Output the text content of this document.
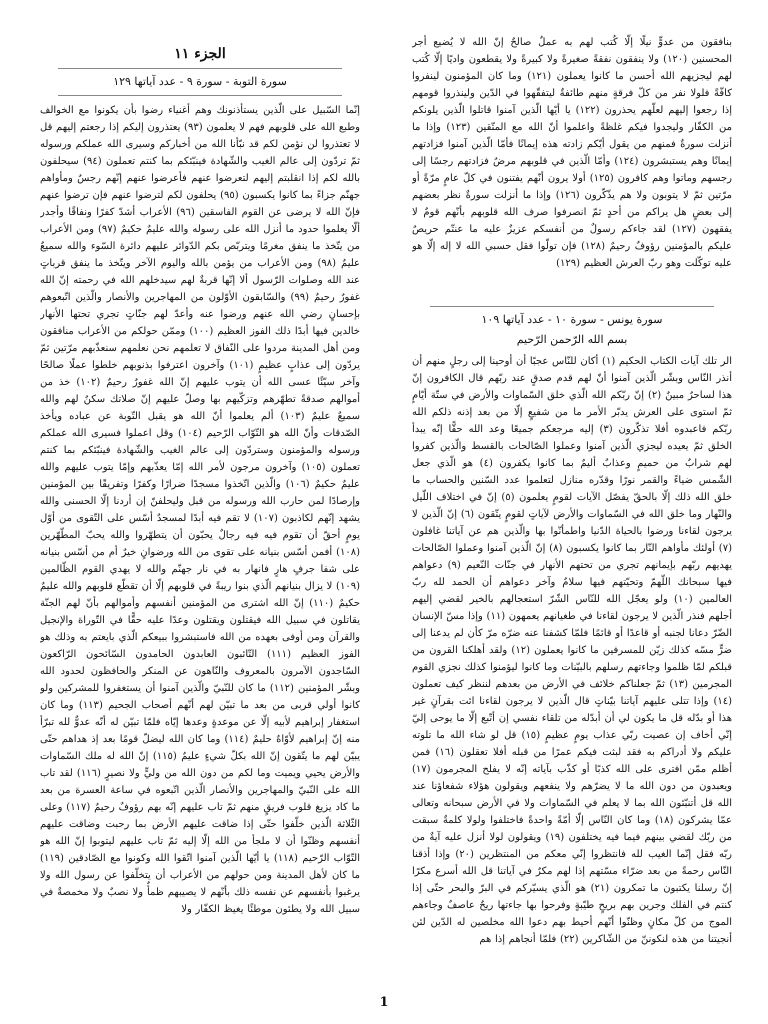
بنافقون من عدوٍّ نيلًا إلّا كُتب لهم به عملٌ صالحٌ إنّ الله لا يُضيع أجر المحسنين (١٢٠) ولا ينفقون نفقةً صغيرةً ولا كبيرةً ولا يقطعون واديًا إلّا كُتب لهم ليجزيهم الله أحسن ما كانوا يعملون (١٢١) وما كان المؤمنون لينفروا كافّةً فلولا نفر من كلّ فرقةٍ منهم طائفةٌ ليتفقّهوا في الدّين ولينذروا قومهم إذا رجعوا إليهم لعلّهم يحذرون (١٢٢) يا أيّها الّذين آمنوا قاتلوا الّذين يلونكم من الكفّار وليجدوا فيكم غلظةً واعلموا أنّ الله مع المتّقين (١٢٣) وإذا ما أنزلت سورةٌ فمنهم من يقول أيّكم زادته هذه إيمانًا فأمّا الّذين آمنوا فزادتهم إيمانًا وهم يستبشرون (١٢٤) وأمّا الّذين في قلوبهم مرضٌ فزادتهم رجسًا إلى رجسهم وماتوا وهم كافرون (١٢٥) أولا يرون أنّهم يفتنون في كلّ عامٍ مرّةً أو مرّتين ثمّ لا يتوبون ولا هم يذّكّرون (١٢٦) وإذا ما أنزلت سورةٌ نظر بعضهم إلى بعضٍ هل يراكم من أحدٍ ثمّ انصرفوا صرف الله قلوبهم بأنّهم قومٌ لا يفقهون (١٢٧) لقد جاءكم رسولٌ من أنفسكم عزيزٌ عليه ما عنتّم حريصٌ عليكم بالمؤمنين رؤوفٌ رحيمٌ (١٢٨) فإن تولّوا فقل حسبي الله لا إله إلّا هو عليه توكّلت وهو ربّ العرش العظيم (١٢٩)

سورة يونس - سورة ١٠ - عدد آياتها ١٠٩
بسم الله الرّحمن الرّحيم

الر تلك آيات الكتاب الحكيم (١) أكان للنّاس عجبًا أن أوحينا إلى رجلٍ منهم أن أنذر النّاس وبشّر الّذين آمنوا أنّ لهم قدم صدقٍ عند ربّهم قال الكافرون إنّ هذا لساحرٌ مبينٌ (٢) إنّ ربّكم الله الّذي خلق السّماوات والأرض في ستّة أيّامٍ ثمّ استوى على العرش يدبّر الأمر ما من شفيعٍ إلّا من بعد إذنه ذلكم الله ربّكم فاعبدوه أفلا تذكّرون (٣) إليه مرجعكم جميعًا وعد الله حقًّا إنّه يبدأ الخلق ثمّ يعيده ليجزي الّذين آمنوا وعملوا الصّالحات بالقسط والّذين كفروا لهم شرابٌ من حميمٍ وعذابٌ أليمٌ بما كانوا يكفرون (٤) هو الّذي جعل الشّمس ضياءً والقمر نورًا وقدّره منازل لتعلموا عدد السّنين والحساب ما خلق الله ذلك إلّا بالحقّ يفصّل الآيات لقومٍ يعلمون (٥) إنّ في اختلاف اللّيل والنّهار وما خلق الله في السّماوات والأرض لآياتٍ لقومٍ يتّقون (٦) إنّ الّذين لا يرجون لقاءنا ورضوا بالحياة الدّنيا واطمأنّوا بها والّذين هم عن آياتنا غافلون (٧) أولئك مأواهم النّار بما كانوا يكسبون (٨) إنّ الّذين آمنوا وعملوا الصّالحات يهديهم ربّهم بإيمانهم تجري من تحتهم الأنهار في جنّات النّعيم (٩) دعواهم فيها سبحانك اللّهمّ وتحيّتهم فيها سلامٌ وآخر دعواهم أن الحمد لله ربّ العالمين (١٠) ولو يعجّل الله للنّاس الشّرّ استعجالهم بالخير لقضي إليهم أجلهم فنذر الّذين لا يرجون لقاءنا في طغيانهم يعمهون (١١) وإذا مسّ الإنسان الضّرّ دعانا لجنبه أو قاعدًا أو قائمًا فلمّا كشفنا عنه ضرّه مرّ كأن لم يدعنا إلى ضرٍّ مسّه كذلك زيّن للمسرفين ما كانوا يعملون (١٢) ولقد أهلكنا القرون من قبلكم لمّا ظلموا وجاءتهم رسلهم بالبيّنات وما كانوا ليؤمنوا كذلك نجزي القوم المجرمين (١٣) ثمّ جعلناكم خلائف في الأرض من بعدهم لننظر كيف تعملون (١٤) وإذا تتلى عليهم آياتنا بيّناتٍ قال الّذين لا يرجون لقاءنا ائت بقرآنٍ غير هذا أو بدّله قل ما يكون لي أن أبدّله من تلقاء نفسي إن أتّبع إلّا ما يوحى إليّ إنّي أخاف إن عصيت ربّي عذاب يومٍ عظيمٍ (١٥) قل لو شاء الله ما تلوته عليكم ولا أدراكم به فقد لبثت فيكم عمرًا من قبله أفلا تعقلون (١٦) فمن أظلم ممّن افترى على الله كذبًا أو كذّب بآياته إنّه لا يفلح المجرمون (١٧) ويعبدون من دون الله ما لا يضرّهم ولا ينفعهم ويقولون هؤلاء شفعاؤنا عند الله قل أتنبّئون الله بما لا يعلم في السّماوات ولا في الأرض سبحانه وتعالى عمّا يشركون (١٨) وما كان النّاس إلّا أمّةً واحدةً فاختلفوا ولولا كلمةٌ سبقت من ربّك لقضي بينهم فيما فيه يختلفون (١٩) ويقولون لولا أنزل عليه آيةٌ من ربّه فقل إنّما الغيب لله فانتظروا إنّي معكم من المنتظرين (٢٠) وإذا أذقنا النّاس رحمةً من بعد ضرّاء مسّتهم إذا لهم مكرٌ في آياتنا قل الله أسرع مكرًا إنّ رسلنا يكتبون ما تمكرون (٢١) هو الّذي يسيّركم في البرّ والبحر حتّى إذا كنتم في الفلك وجرين بهم بريحٍ طيّبةٍ وفرحوا بها جاءتها ريحٌ عاصفٌ وجاءهم الموج من كلّ مكانٍ وظنّوا أنّهم أحيط بهم دعوا الله مخلصين له الدّين لئن أنجيتنا من هذه لنكوننّ من الشّاكرين (٢٢) فلمّا أنجاهم إذا هم

الجزء ١١
سورة التوبة - سورة ٩ - عدد آياتها ١٢٩

إنّما السّبيل على الّذين يستأذنونك وهم أغنياء رضوا بأن يكونوا مع الخوالف وطبع الله على قلوبهم فهم لا يعلمون (٩٣) يعتذرون إليكم إذا رجعتم إليهم قل لا تعتذروا لن نؤمن لكم قد نبّأنا الله من أخباركم وسيرى الله عملكم ورسوله ثمّ تردّون إلى عالم الغيب والشّهادة فينبّئكم بما كنتم تعملون (٩٤) سيحلفون بالله لكم إذا انقلبتم إليهم لتعرضوا عنهم فأعرضوا عنهم إنّهم رجسٌ ومأواهم جهنّم جزاءً بما كانوا يكسبون (٩٥) يحلفون لكم لترضوا عنهم فإن ترضوا عنهم فإنّ الله لا يرضى عن القوم الفاسقين (٩٦) الأعراب أشدّ كفرًا ونفاقًا وأجدر ألّا يعلموا حدود ما أنزل الله على رسوله والله عليمٌ حكيمٌ (٩٧) ومن الأعراب من يتّخذ ما ينفق مغرمًا ويتربّص بكم الدّوائر عليهم دائرة السّوء والله سميعٌ عليمٌ (٩٨) ومن الأعراب من يؤمن بالله واليوم الآخر ويتّخذ ما ينفق قرباتٍ عند الله وصلوات الرّسول ألا إنّها قربةٌ لهم سيدخلهم الله في رحمته إنّ الله غفورٌ رحيمٌ (٩٩) والسّابقون الأوّلون من المهاجرين والأنصار والّذين اتّبعوهم بإحسانٍ رضي الله عنهم ورضوا عنه وأعدّ لهم جنّاتٍ تجري تحتها الأنهار خالدين فيها أبدًا ذلك الفوز العظيم (١٠٠) وممّن حولكم من الأعراب منافقون ومن أهل المدينة مردوا على النّفاق لا تعلمهم نحن نعلمهم سنعذّبهم مرّتين ثمّ يردّون إلى عذابٍ عظيمٍ (١٠١) وآخرون اعترفوا بذنوبهم خلطوا عملًا صالحًا وآخر سيّئًا عسى الله أن يتوب عليهم إنّ الله غفورٌ رحيمٌ (١٠٢) خذ من أموالهم صدقةً تطهّرهم وتزكّيهم بها وصلّ عليهم إنّ صلاتك سكنٌ لهم والله سميعٌ عليمٌ (١٠٣) ألم يعلموا أنّ الله هو يقبل التّوبة عن عباده ويأخذ الصّدقات وأنّ الله هو التّوّاب الرّحيم (١٠٤) وقل اعملوا فسيرى الله عملكم ورسوله والمؤمنون وستردّون إلى عالم الغيب والشّهادة فينبّئكم بما كنتم تعملون (١٠٥) وآخرون مرجون لأمر الله إمّا يعذّبهم وإمّا يتوب عليهم والله عليمٌ حكيمٌ (١٠٦) والّذين اتّخذوا مسجدًا ضرارًا وكفرًا وتفريقًا بين المؤمنين وإرصادًا لمن حارب الله ورسوله من قبل وليحلفنّ إن أردنا إلّا الحسنى والله يشهد إنّهم لكاذبون (١٠٧) لا تقم فيه أبدًا لمسجدٌ أسّس على التّقوى من أوّل يومٍ أحقّ أن تقوم فيه فيه رجالٌ يحبّون أن يتطهّروا والله يحبّ المطّهّرين (١٠٨) أفمن أسّس بنيانه على تقوى من الله ورضوانٍ خيرٌ أم من أسّس بنيانه على شفا جرفٍ هارٍ فانهار به في نار جهنّم والله لا يهدي القوم الظّالمين (١٠٩) لا يزال بنيانهم الّذي بنوا ريبةً في قلوبهم إلّا أن تقطّع قلوبهم والله عليمٌ حكيمٌ (١١٠) إنّ الله اشترى من المؤمنين أنفسهم وأموالهم بأنّ لهم الجنّة يقاتلون في سبيل الله فيقتلون ويقتلون وعدًا عليه حقًّا في التّوراة والإنجيل والقرآن ومن أوفى بعهده من الله فاستبشروا ببيعكم الّذي بايعتم به وذلك هو الفوز العظيم (١١١) التّائبون العابدون الحامدون السّائحون الرّاكعون السّاجدون الآمرون بالمعروف والنّاهون عن المنكر والحافظون لحدود الله وبشّر المؤمنين (١١٢) ما كان للنّبيّ والّذين آمنوا أن يستغفروا للمشركين ولو كانوا أولي قربى من بعد ما تبيّن لهم أنّهم أصحاب الجحيم (١١٣) وما كان استغفار إبراهيم لأبيه إلّا عن موعدةٍ وعدها إيّاه فلمّا تبيّن له أنّه عدوٌّ لله تبرّأ منه إنّ إبراهيم لأوّاهٌ حليمٌ (١١٤) وما كان الله ليضلّ قومًا بعد إذ هداهم حتّى يبيّن لهم ما يتّقون إنّ الله بكلّ شيءٍ عليمٌ (١١٥) إنّ الله له ملك السّماوات والأرض يحيي ويميت وما لكم من دون الله من وليٍّ ولا نصيرٍ (١١٦) لقد تاب الله على النّبيّ والمهاجرين والأنصار الّذين اتّبعوه في ساعة العسرة من بعد ما كاد يزيغ قلوب فريقٍ منهم ثمّ تاب عليهم إنّه بهم رؤوفٌ رحيمٌ (١١٧) وعلى الثّلاثة الّذين خلّفوا حتّى إذا ضاقت عليهم الأرض بما رحبت وضاقت عليهم أنفسهم وظنّوا أن لا ملجأ من الله إلّا إليه ثمّ تاب عليهم ليتوبوا إنّ الله هو التّوّاب الرّحيم (١١٨) يا أيّها الّذين آمنوا اتّقوا الله وكونوا مع الصّادقين (١١٩) ما كان لأهل المدينة ومن حولهم من الأعراب أن يتخلّفوا عن رسول الله ولا يرغبوا بأنفسهم عن نفسه ذلك بأنّهم لا يصيبهم ظمأٌ ولا نصبٌ ولا مخمصةٌ في سبيل الله ولا يطئون موطئًا يغيظ الكفّار ولا

1
